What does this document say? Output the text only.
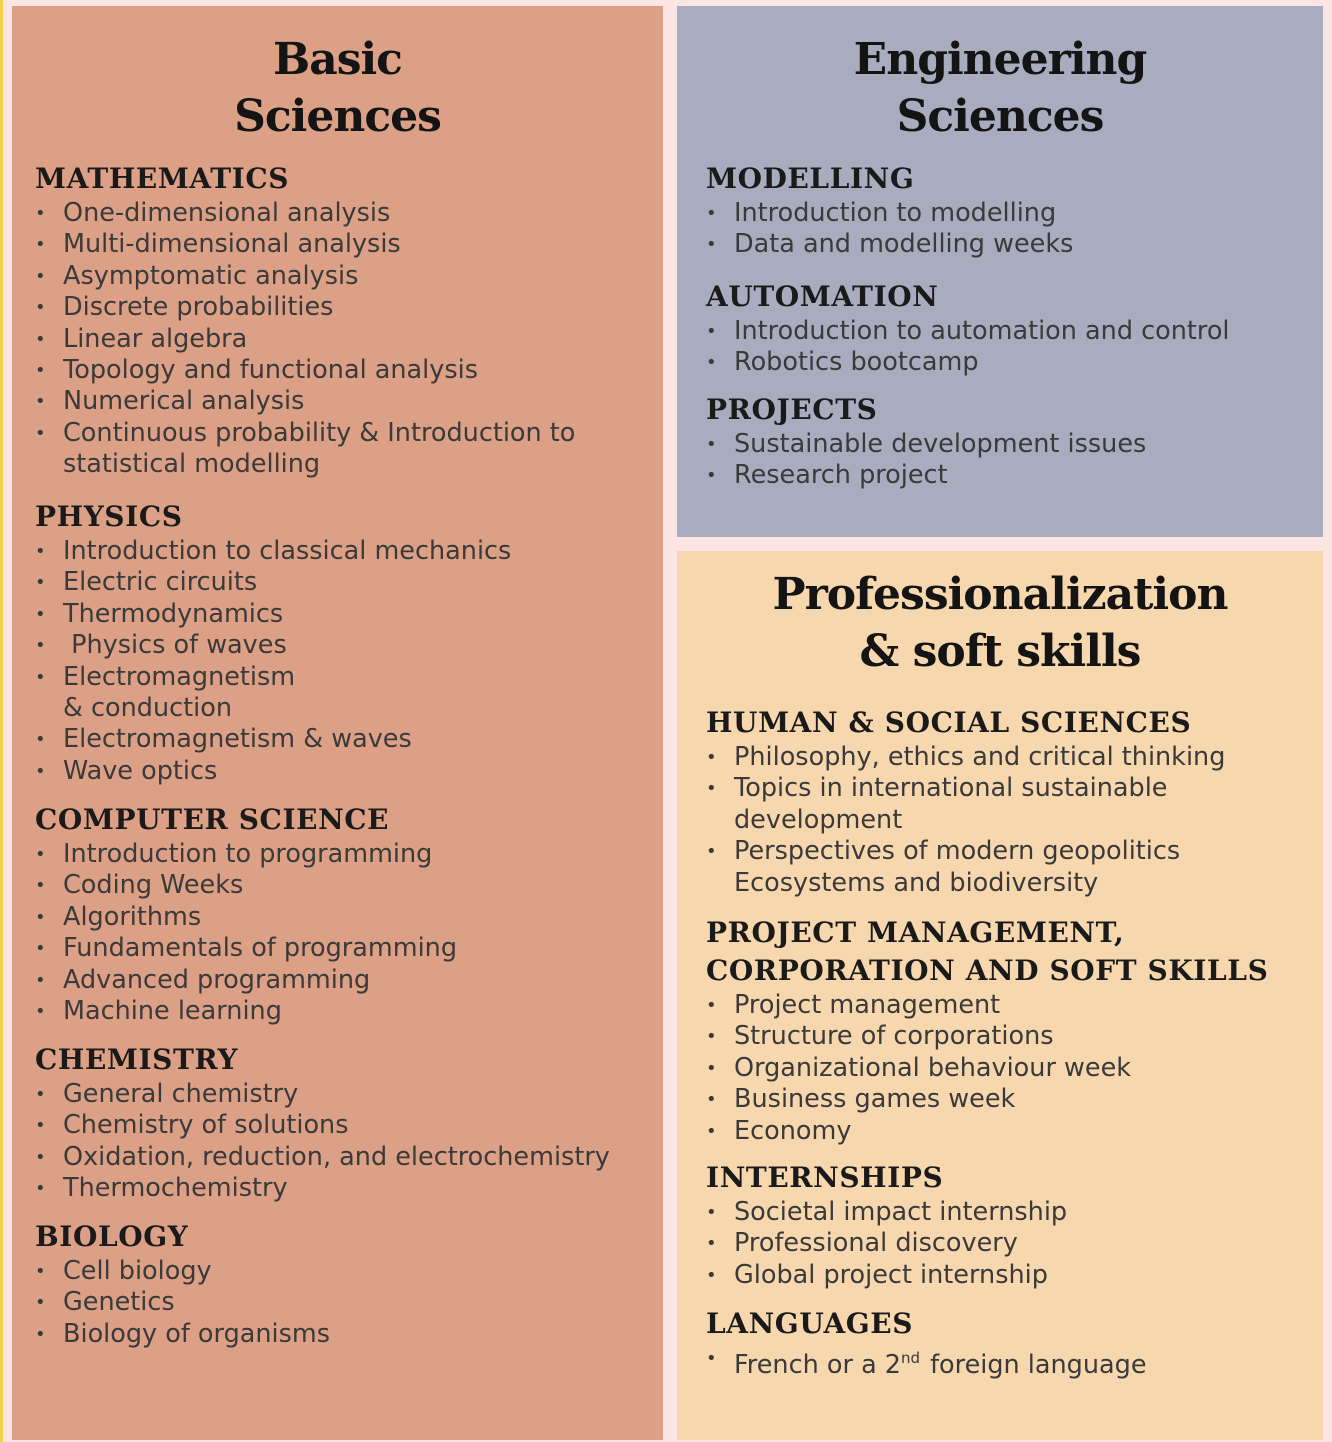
Basic
Sciences
MATHEMATICS
• One-dimensional analysis
• Multi-dimensional analysis
• Asymptomatic analysis
• Discrete probabilities
• Linear algebra
• Topology and functional analysis
• Numerical analysis
• Continuous probability & Introduction to
statistical modelling
PHYSICS
• Introduction to classical mechanics
• Electric circuits
• Thermodynamics
•  Physics of waves
• Electromagnetism
& conduction
• Electromagnetism & waves
• Wave optics
COMPUTER SCIENCE
• Introduction to programming
• Coding Weeks
• Algorithms
• Fundamentals of programming
• Advanced programming
• Machine learning
CHEMISTRY
• General chemistry
• Chemistry of solutions
• Oxidation, reduction, and electrochemistry
• Thermochemistry
BIOLOGY
• Cell biology
• Genetics
• Biology of organisms
Engineering
Sciences
MODELLING
• Introduction to modelling
• Data and modelling weeks
AUTOMATION
• Introduction to automation and control
• Robotics bootcamp
PROJECTS
• Sustainable development issues
• Research project
Professionalization
& soft skills
HUMAN & SOCIAL SCIENCES
• Philosophy, ethics and critical thinking
• Topics in international sustainable
development
• Perspectives of modern geopolitics
Ecosystems and biodiversity
PROJECT MANAGEMENT,
CORPORATION AND SOFT SKILLS
• Project management
• Structure of corporations
• Organizational behaviour week
• Business games week
• Economy
INTERNSHIPS
• Societal impact internship
• Professional discovery
• Global project internship
LANGUAGES
• French or a 2nd foreign language
